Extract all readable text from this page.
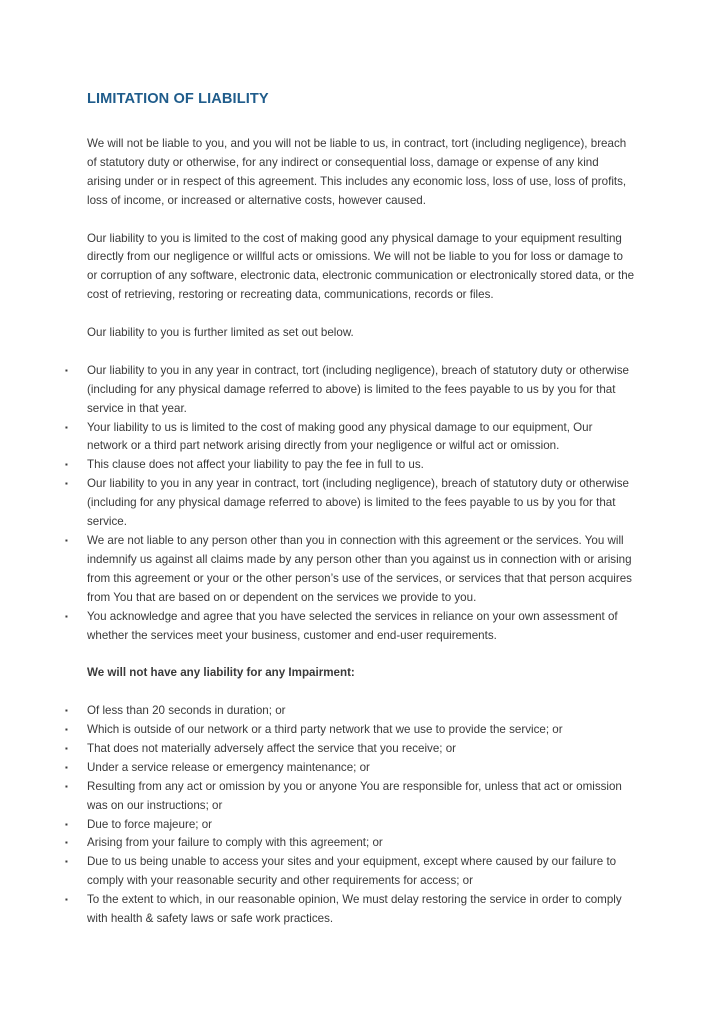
LIMITATION OF LIABILITY

We will not be liable to you, and you will not be liable to us, in contract, tort (including negligence), breach of statutory duty or otherwise, for any indirect or consequential loss, damage or expense of any kind arising under or in respect of this agreement. This includes any economic loss, loss of use, loss of profits, loss of income, or increased or alternative costs, however caused.

Our liability to you is limited to the cost of making good any physical damage to your equipment resulting directly from our negligence or willful acts or omissions. We will not be liable to you for loss or damage to or corruption of any software, electronic data, electronic communication or electronically stored data, or the cost of retrieving, restoring or recreating data, communications, records or files.

Our liability to you is further limited as set out below.

▪ Our liability to you in any year in contract, tort (including negligence), breach of statutory duty or otherwise (including for any physical damage referred to above) is limited to the fees payable to us by you for that service in that year.
▪ Your liability to us is limited to the cost of making good any physical damage to our equipment, Our network or a third part network arising directly from your negligence or wilful act or omission.
▪ This clause does not affect your liability to pay the fee in full to us.
▪ Our liability to you in any year in contract, tort (including negligence), breach of statutory duty or otherwise (including for any physical damage referred to above) is limited to the fees payable to us by you for that service.
▪ We are not liable to any person other than you in connection with this agreement or the services. You will indemnify us against all claims made by any person other than you against us in connection with or arising from this agreement or your or the other person’s use of the services, or services that that person acquires from You that are based on or dependent on the services we provide to you.
▪ You acknowledge and agree that you have selected the services in reliance on your own assessment of whether the services meet your business, customer and end-user requirements.

We will not have any liability for any Impairment:

▪ Of less than 20 seconds in duration; or
▪ Which is outside of our network or a third party network that we use to provide the service; or
▪ That does not materially adversely affect the service that you receive; or
▪ Under a service release or emergency maintenance; or
▪ Resulting from any act or omission by you or anyone You are responsible for, unless that act or omission was on our instructions; or
▪ Due to force majeure; or
▪ Arising from your failure to comply with this agreement; or
▪ Due to us being unable to access your sites and your equipment, except where caused by our failure to comply with your reasonable security and other requirements for access; or
▪ To the extent to which, in our reasonable opinion, We must delay restoring the service in order to comply with health & safety laws or safe work practices.
